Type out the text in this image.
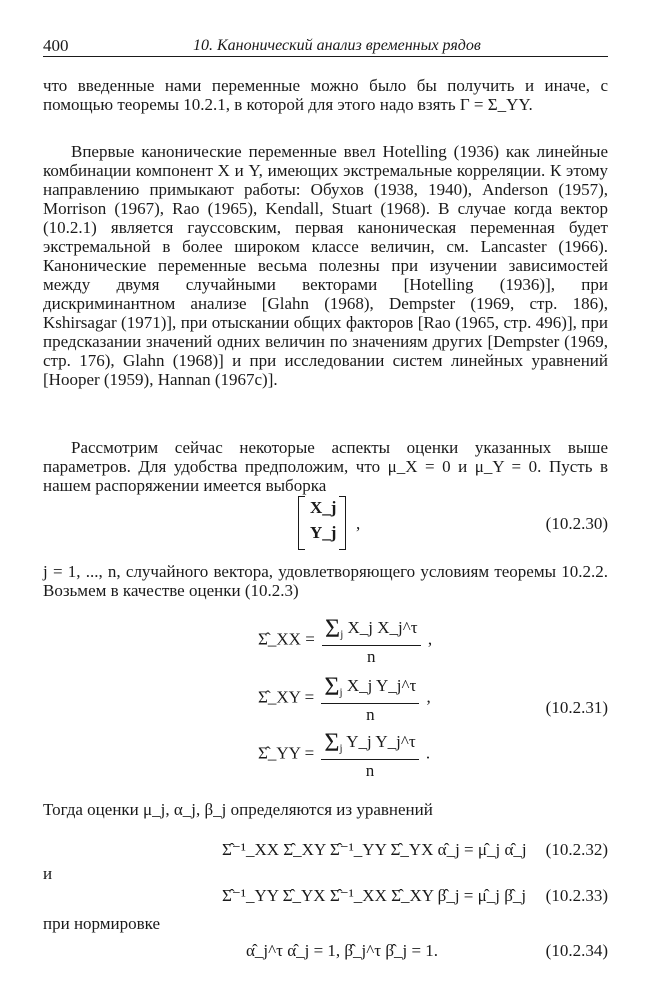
400	10. Канонический анализ временных рядов

что введенные нами переменные можно было бы получить и иначе, с помощью теоремы 10.2.1, в которой для этого надо взять Γ = Σ_YY.

Впервые канонические переменные ввел Hotelling (1936) как линейные комбинации компонент X и Y, имеющих экстремальные корреляции. К этому направлению примыкают работы: Обухов (1938, 1940), Anderson (1957), Morrison (1967), Rao (1965), Kendall, Stuart (1968). В случае когда вектор (10.2.1) является гауссовским, первая каноническая переменная будет экстремальной в более широком классе величин, см. Lancaster (1966). Канонические переменные весьма полезны при изучении зависимостей между двумя случайными векторами [Hotelling (1936)], при дискриминантном анализе [Glahn (1968), Dempster (1969, стр. 186), Kshirsagar (1971)], при отыскании общих факторов [Rao (1965, стр. 496)], при предсказании значений одних величин по значениям других [Dempster (1969, стр. 176), Glahn (1968)] и при исследовании систем линейных уравнений [Hooper (1959), Hannan (1967c)].

Рассмотрим сейчас некоторые аспекты оценки указанных выше параметров. Для удобства предположим, что μ_X = 0 и μ_Y = 0. Пусть в нашем распоряжении имеется выборка

X_j
Y_j ,	(10.2.30)

j = 1, ..., n, случайного вектора, удовлетворяющего условиям теоремы 10.2.2. Возьмем в качестве оценки (10.2.3)

Σ̂_XX = $\frac{\Sigma_j X\_j X\_j\^{}\tau}{n}$ ,
Σ̂_XY = $\frac{\Sigma_j X\_j Y\_j\^{}\tau}{n}$ ,
Σ̂_YY = $\frac{\Sigma_j Y\_j Y\_j\^{}\tau}{n}$ .
(10.2.31)
Тогда оценки μ_j, α_j, β_j определяются из уравнений
Σ̂⁻¹_XX Σ̂_XY Σ̂⁻¹_YY Σ̂_YX α̂_j = μ̂_j α̂_j (10.2.32)
и
Σ̂⁻¹_YY Σ̂_YX Σ̂⁻¹_XX Σ̂_XY β̂_j = μ̂_j β̂_j (10.2.33)
при нормировке
α̂_j^τ α̂_j = 1, β̂_j^τ β̂_j = 1.	(10.2.34)
